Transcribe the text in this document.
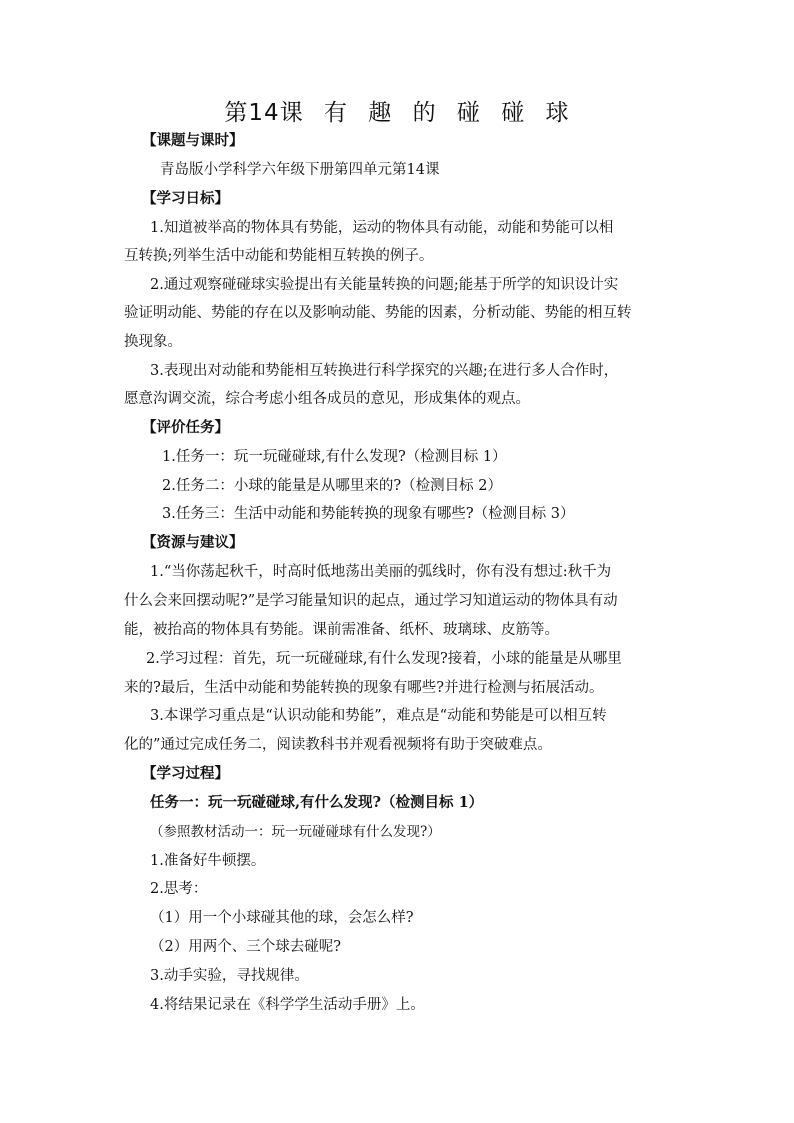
第14课 有 趣 的 碰 碰 球
【课题与课时】
青岛版小学科学六年级下册第四单元第14课
【学习日标】
1.知道被举高的物体具有势能，运动的物体具有动能，动能和势能可以相
互转换;列举生活中动能和势能相互转换的例子。
2.通过观察碰碰球实验提出有关能量转换的问题;能基于所学的知识设计实
验证明动能、势能的存在以及影响动能、势能的因素，分析动能、势能的相互转
换现象。
3.表现出对动能和势能相互转换进行科学探究的兴趣;在进行多人合作时，
愿意沟调交流，综合考虑小组各成员的意见，形成集体的观点。
【评价任务】
1.任务一：玩一玩碰碰球,有什么发现?（检测目标 1）
2.任务二：小球的能量是从哪里来的?（检测目标 2）
3.任务三：生活中动能和势能转换的现象有哪些?（检测目标 3）
【资源与建议】
1.“当你荡起秋千，时高时低地荡出美丽的弧线时，你有没有想过:秋千为
什么会来回摆动呢?”是学习能量知识的起点，通过学习知道运动的物体具有动
能，被抬高的物体具有势能。课前需准备、纸杯、玻璃球、皮筋等。
2.学习过程：首先，玩一玩碰碰球,有什么发现?接着，小球的能量是从哪里
来的?最后，生活中动能和势能转换的现象有哪些?并进行检测与拓展活动。
3.本课学习重点是“认识动能和势能”，难点是“动能和势能是可以相互转
化的”通过完成任务二，阅读教科书并观看视频将有助于突破难点。
【学习过程】
任务一：玩一玩碰碰球,有什么发现?（检测目标 1）
（参照教材活动一：玩一玩碰碰球有什么发现?）
1.准备好牛顿摆。
2.思考：
（1）用一个小球碰其他的球，会怎么样?
（2）用两个、三个球去碰呢?
3.动手实验，寻找规律。
4.将结果记录在《科学学生活动手册》上。
